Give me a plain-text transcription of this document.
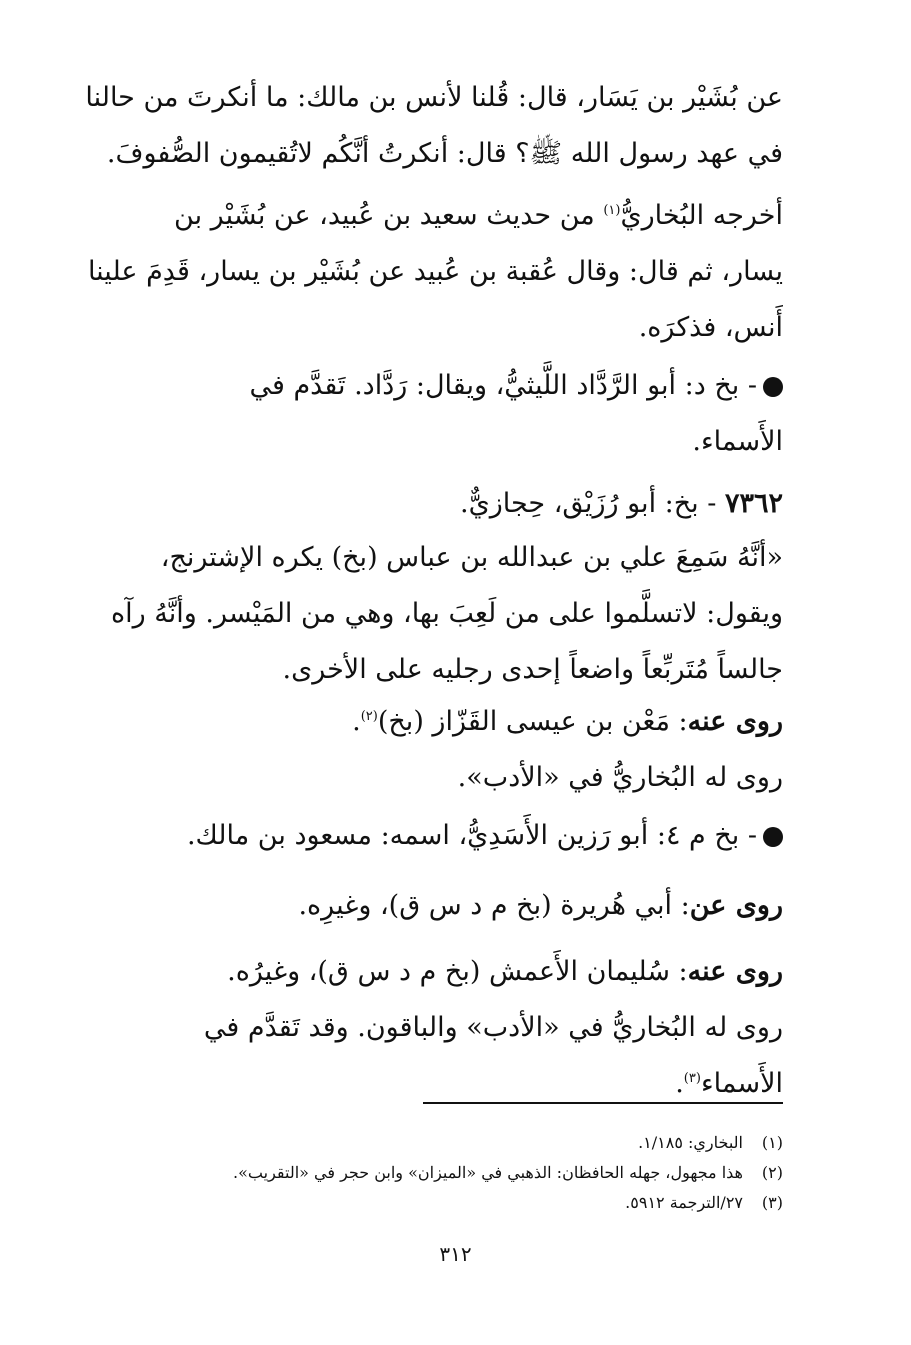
عن بُشَيْر بن يَسَار، قال: قُلنا لأنس بن مالك: ما أنكرتَ من حالنا
في عهد رسول الله ﷺ؟ قال: أنكرتُ أنَّكُم لاتُقيمون الصُّفوفَ.

أخرجه البُخاريُّ$^{(١)}$ من حديث سعيد بن عُبيد، عن بُشَيْر بن
يسار، ثم قال: وقال عُقبة بن عُبيد عن بُشَيْر بن يسار، قَدِمَ علينا
أَنس، فذكرَه.

- بخ د: أبو الرَّدَّاد اللَّيثيُّ، ويقال: رَدَّاد. تَقدَّم في
الأَسماء.

٧٣٦٢ - بخ: أبو رُزَيْق، حِجازيٌّ.

«أنَّهُ سَمِعَ علي بن عبدالله بن عباس (بخ) يكره الإشترنج،
ويقول: لاتسلَّموا على من لَعِبَ بها، وهي من المَيْسر. وأنَّهُ رآه
جالساً مُتَربِّعاً واضعاً إحدى رجليه على الأخرى.

روى عنه: مَعْن بن عيسى القَزّاز (بخ)$^{(٢)}$.
روى له البُخاريُّ في «الأدب».

- بخ م ٤: أبو رَزين الأَسَدِيُّ، اسمه: مسعود بن مالك.

روى عن: أبي هُريرة (بخ م د س ق)، وغيرِه.

روى عنه: سُليمان الأَعمش (بخ م د س ق)، وغيرُه.

روى له البُخاريُّ في «الأدب» والباقون. وقد تَقدَّم في
الأَسماء$^{(٣)}$.

(١)البخاري: ١/١٨٥.
(٢)هذا مجهول، جهله الحافظان: الذهبي في «الميزان» وابن حجر في «التقريب».
(٣)٢٧/الترجمة ٥٩١٢.
٣١٢
